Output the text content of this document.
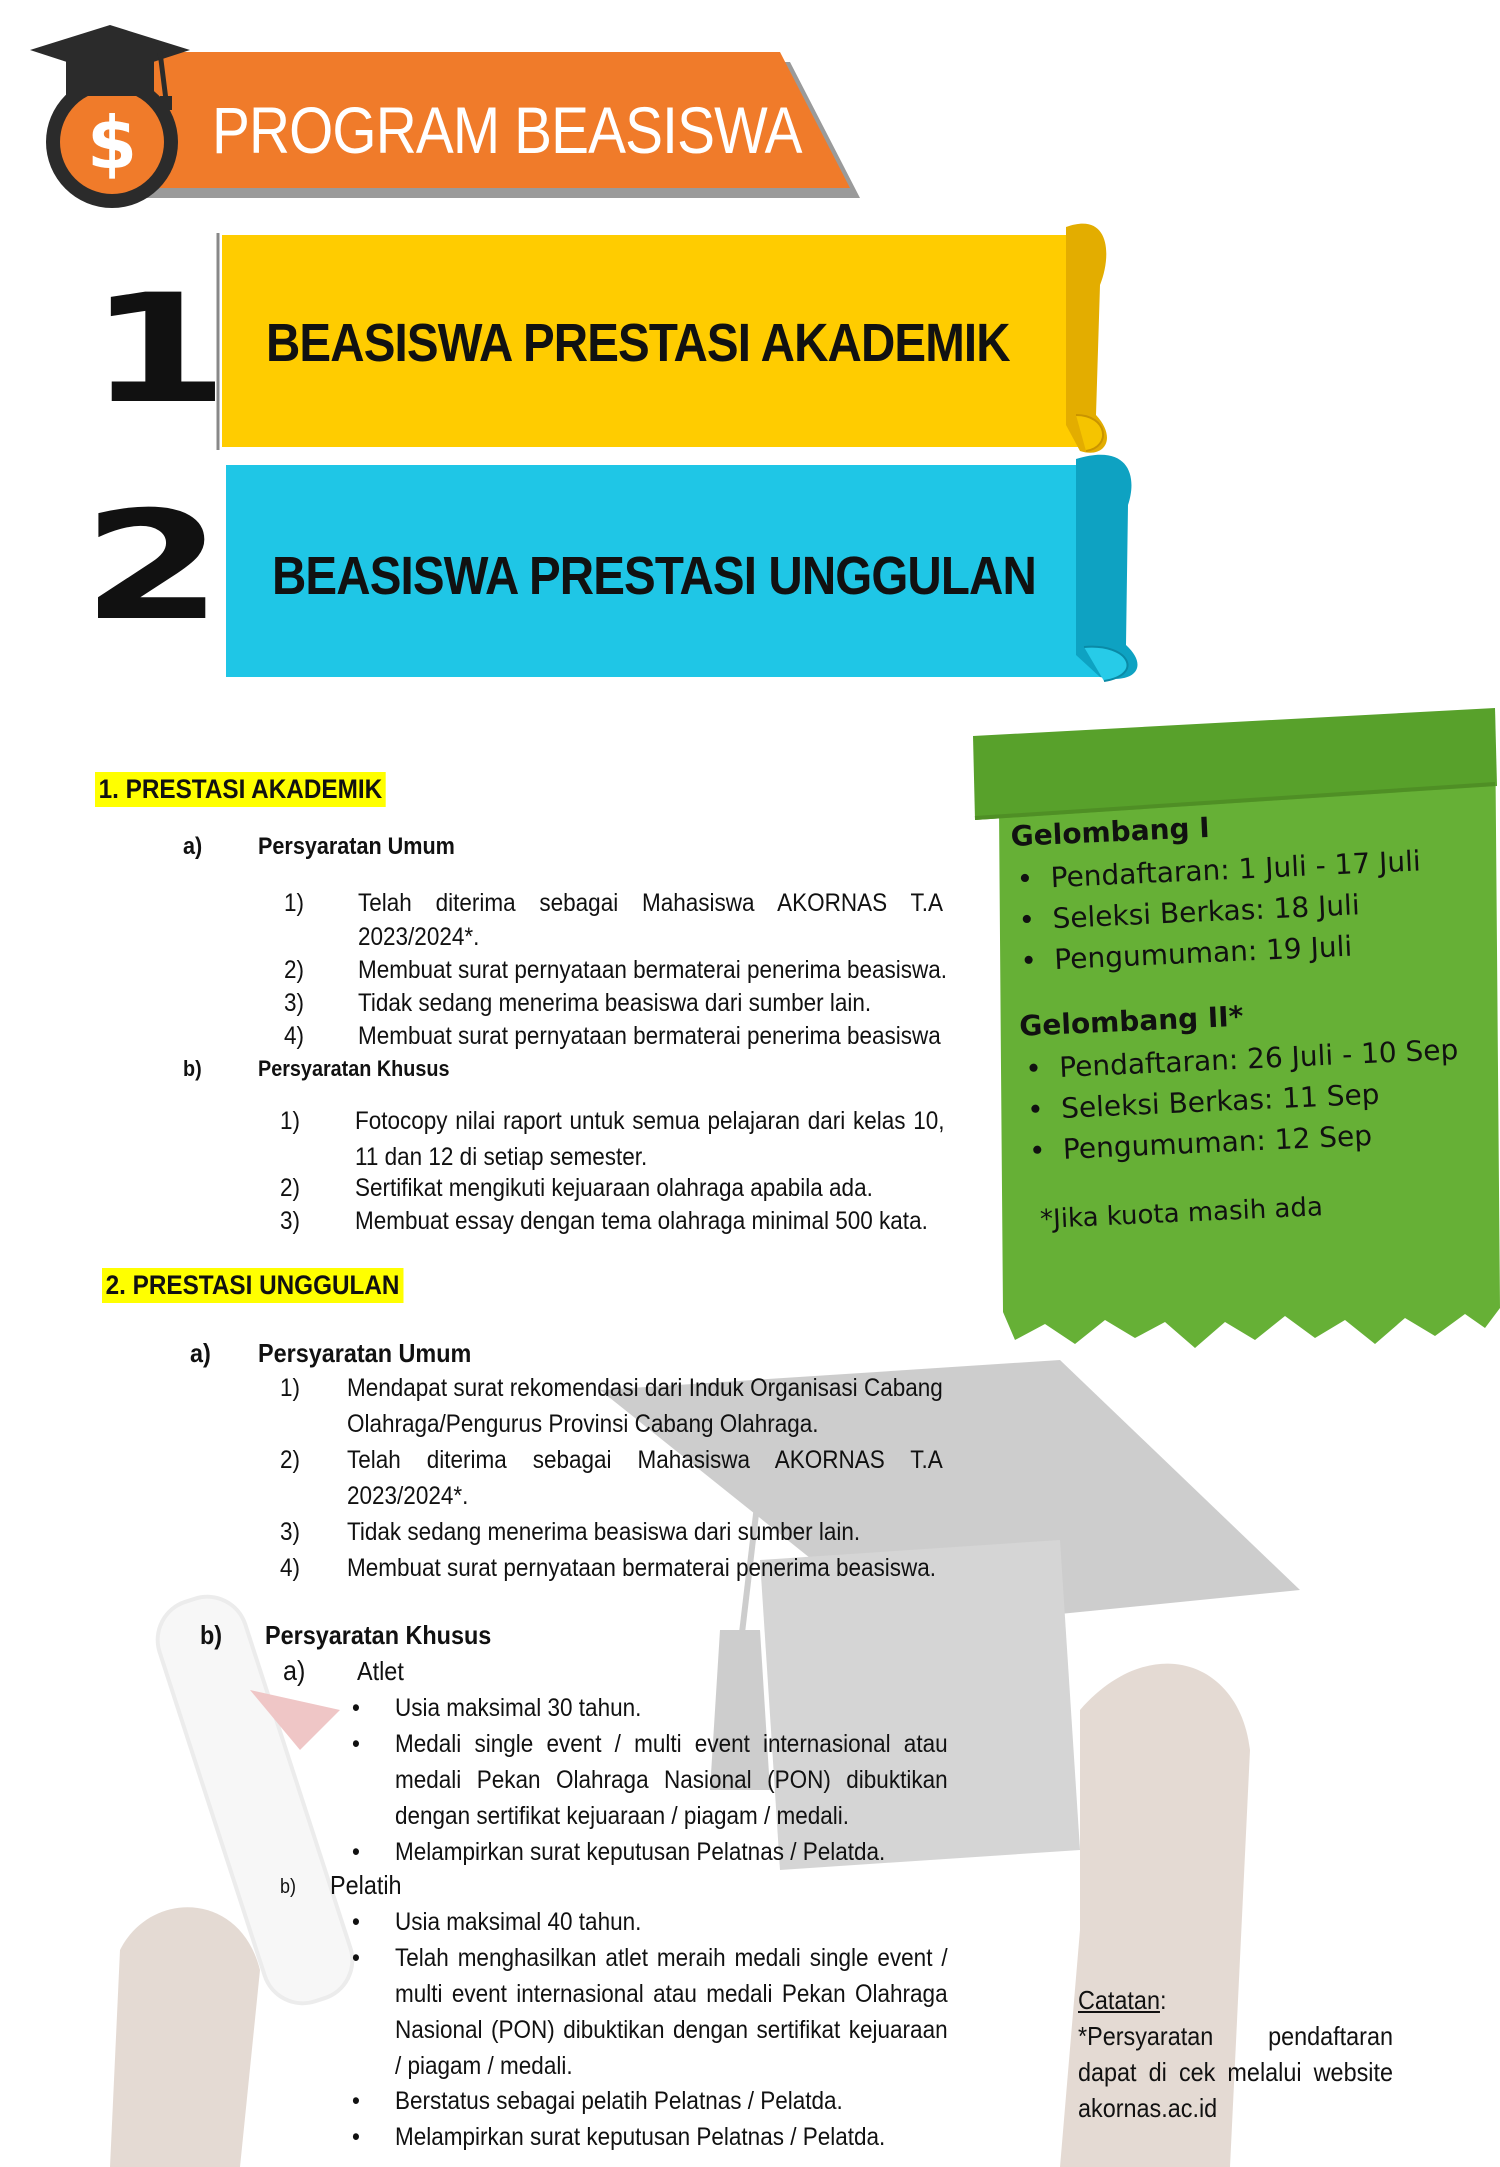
$ PROGRAM BEASISWA
1
2
BEASISWA PRESTASI AKADEMIK
BEASISWA PRESTASI UNGGULAN
Gelombang I
• Pendaftaran: 1 Juli - 17 Juli
• Seleksi Berkas: 18 Juli
• Pengumuman: 19 Juli
Gelombang II*
• Pendaftaran: 26 Juli - 10 Sep
• Seleksi Berkas: 11 Sep
• Pengumuman: 12 Sep
*Jika kuota masih ada
1. PRESTASI AKADEMIK
a) Persyaratan Umum
1) Telah diterima sebagai Mahasiswa AKORNAS T.A
2023/2024*.
2) Membuat surat pernyataan bermaterai penerima beasiswa.
3) Tidak sedang menerima beasiswa dari sumber lain.
4) Membuat surat pernyataan bermaterai penerima beasiswa
b)	Persyaratan Khusus
1) Fotocopy nilai raport untuk semua pelajaran dari kelas 10, 11 dan 12 di setiap semester.
2) Sertifikat mengikuti kejuaraan olahraga apabila ada.
3) Membuat essay dengan tema olahraga minimal 500 kata.
2. PRESTASI UNGGULAN
a) Persyaratan Umum
1) Mendapat surat rekomendasi dari Induk Organisasi Cabang Olahraga/Pengurus Provinsi Cabang Olahraga.
2) Telah diterima sebagai Mahasiswa AKORNAS T.A
2023/2024*.
3) Tidak sedang menerima beasiswa dari sumber lain.
4) Membuat surat pernyataan bermaterai penerima beasiswa.
b) Persyaratan Khusus
a) Atlet
• Usia maksimal 30 tahun.
• Medali single event / multi event internasional atau medali Pekan Olahraga Nasional (PON) dibuktikan dengan sertifikat kejuaraan / piagam / medali.
• Melampirkan surat keputusan Pelatnas / Pelatda.
b) Pelatih
• Usia maksimal 40 tahun.
• Telah menghasilkan atlet meraih medali single event / multi event internasional atau medali Pekan Olahraga Nasional (PON) dibuktikan dengan sertifikat kejuaraan / piagam / medali.
• Berstatus sebagai pelatih Pelatnas / Pelatda.
• Melampirkan surat keputusan Pelatnas / Pelatda.
Catatan:
*Persyaratan pendaftaran dapat di cek melalui website akornas.ac.id
